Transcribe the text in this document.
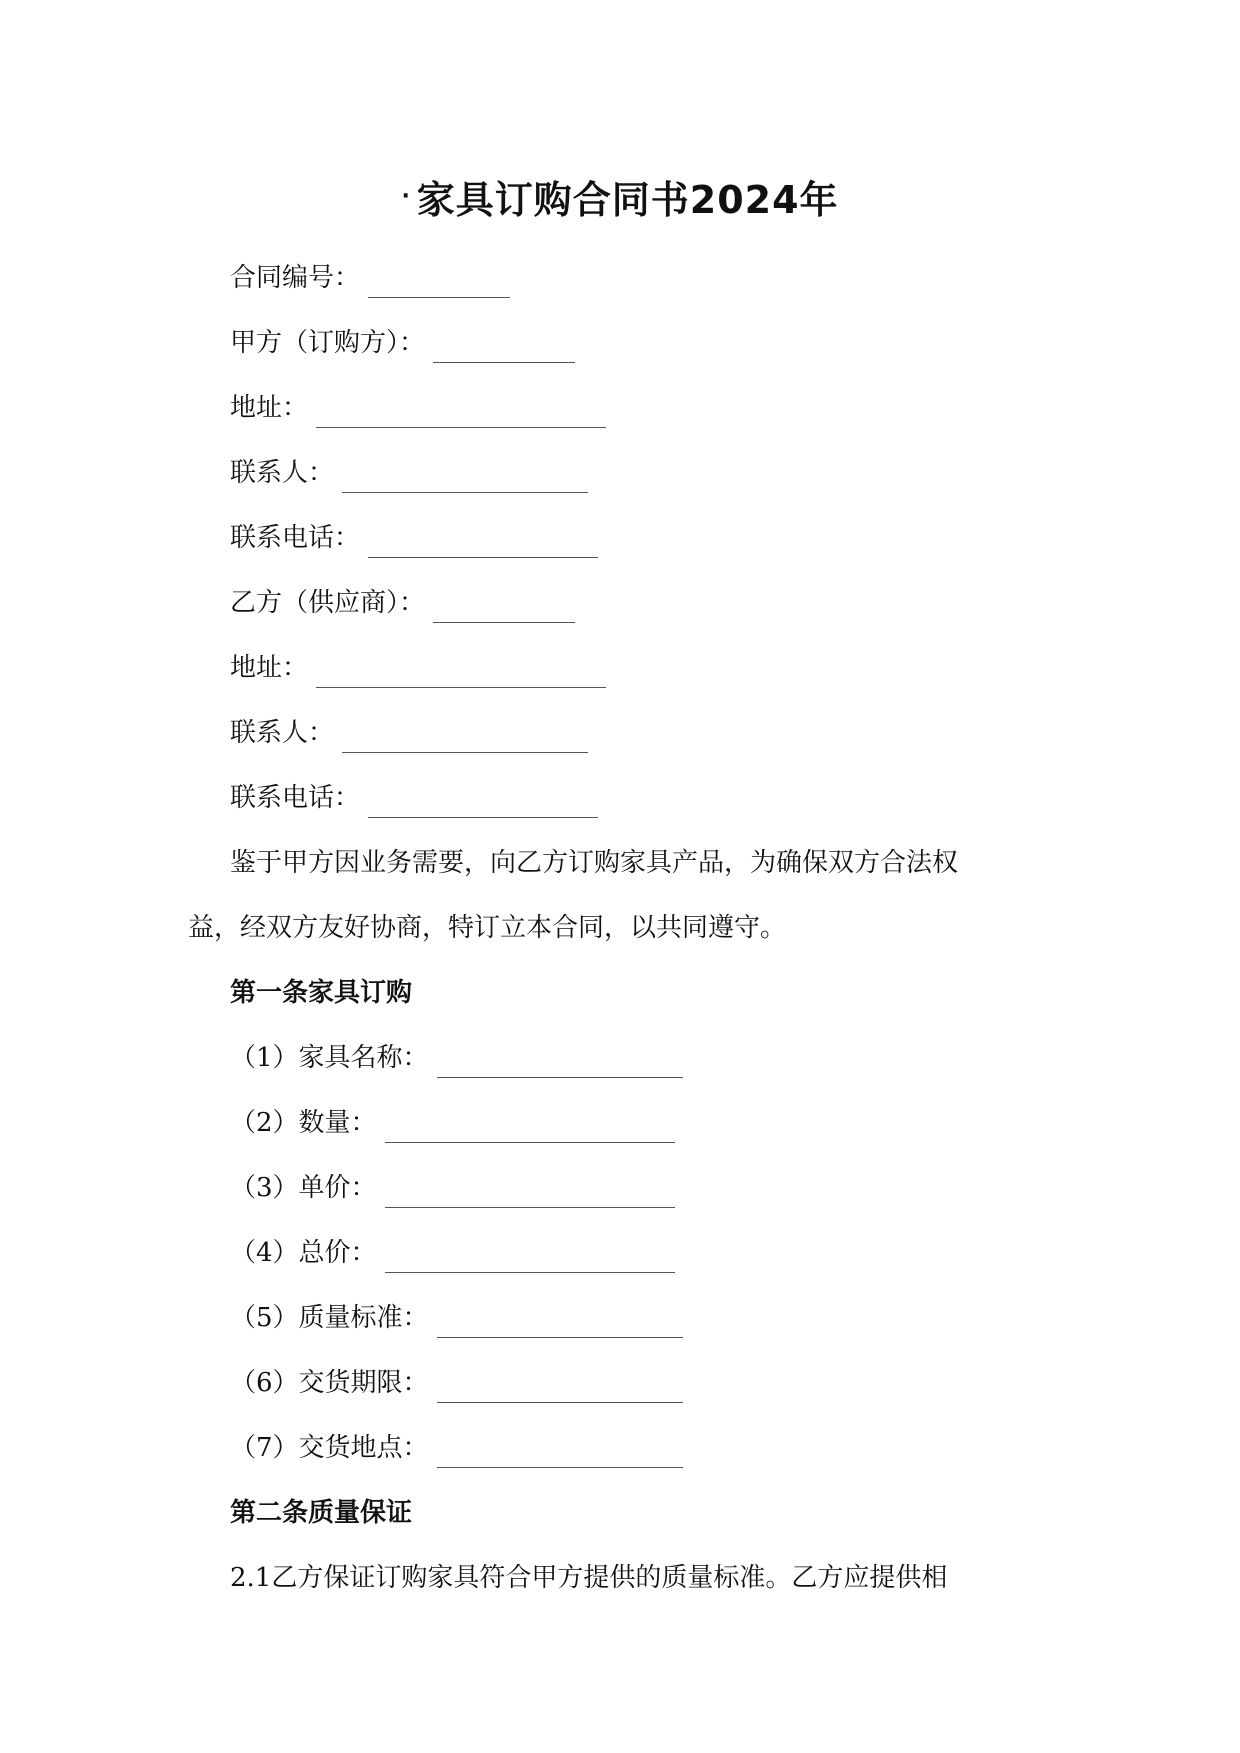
· 家具订购合同书2024年
合同编号：
甲方（订购方）：
地址：
联系人：
联系电话：
乙方（供应商）：
地址：
联系人：
联系电话：
鉴于甲方因业务需要，向乙方订购家具产品，为确保双方合法权
益，经双方友好协商，特订立本合同，以共同遵守。
第一条家具订购
（1）家具名称：
（2）数量：
（3）单价：
（4）总价：
（5）质量标准：
（6）交货期限：
（7）交货地点：
第二条质量保证
2.1乙方保证订购家具符合甲方提供的质量标准。乙方应提供相
